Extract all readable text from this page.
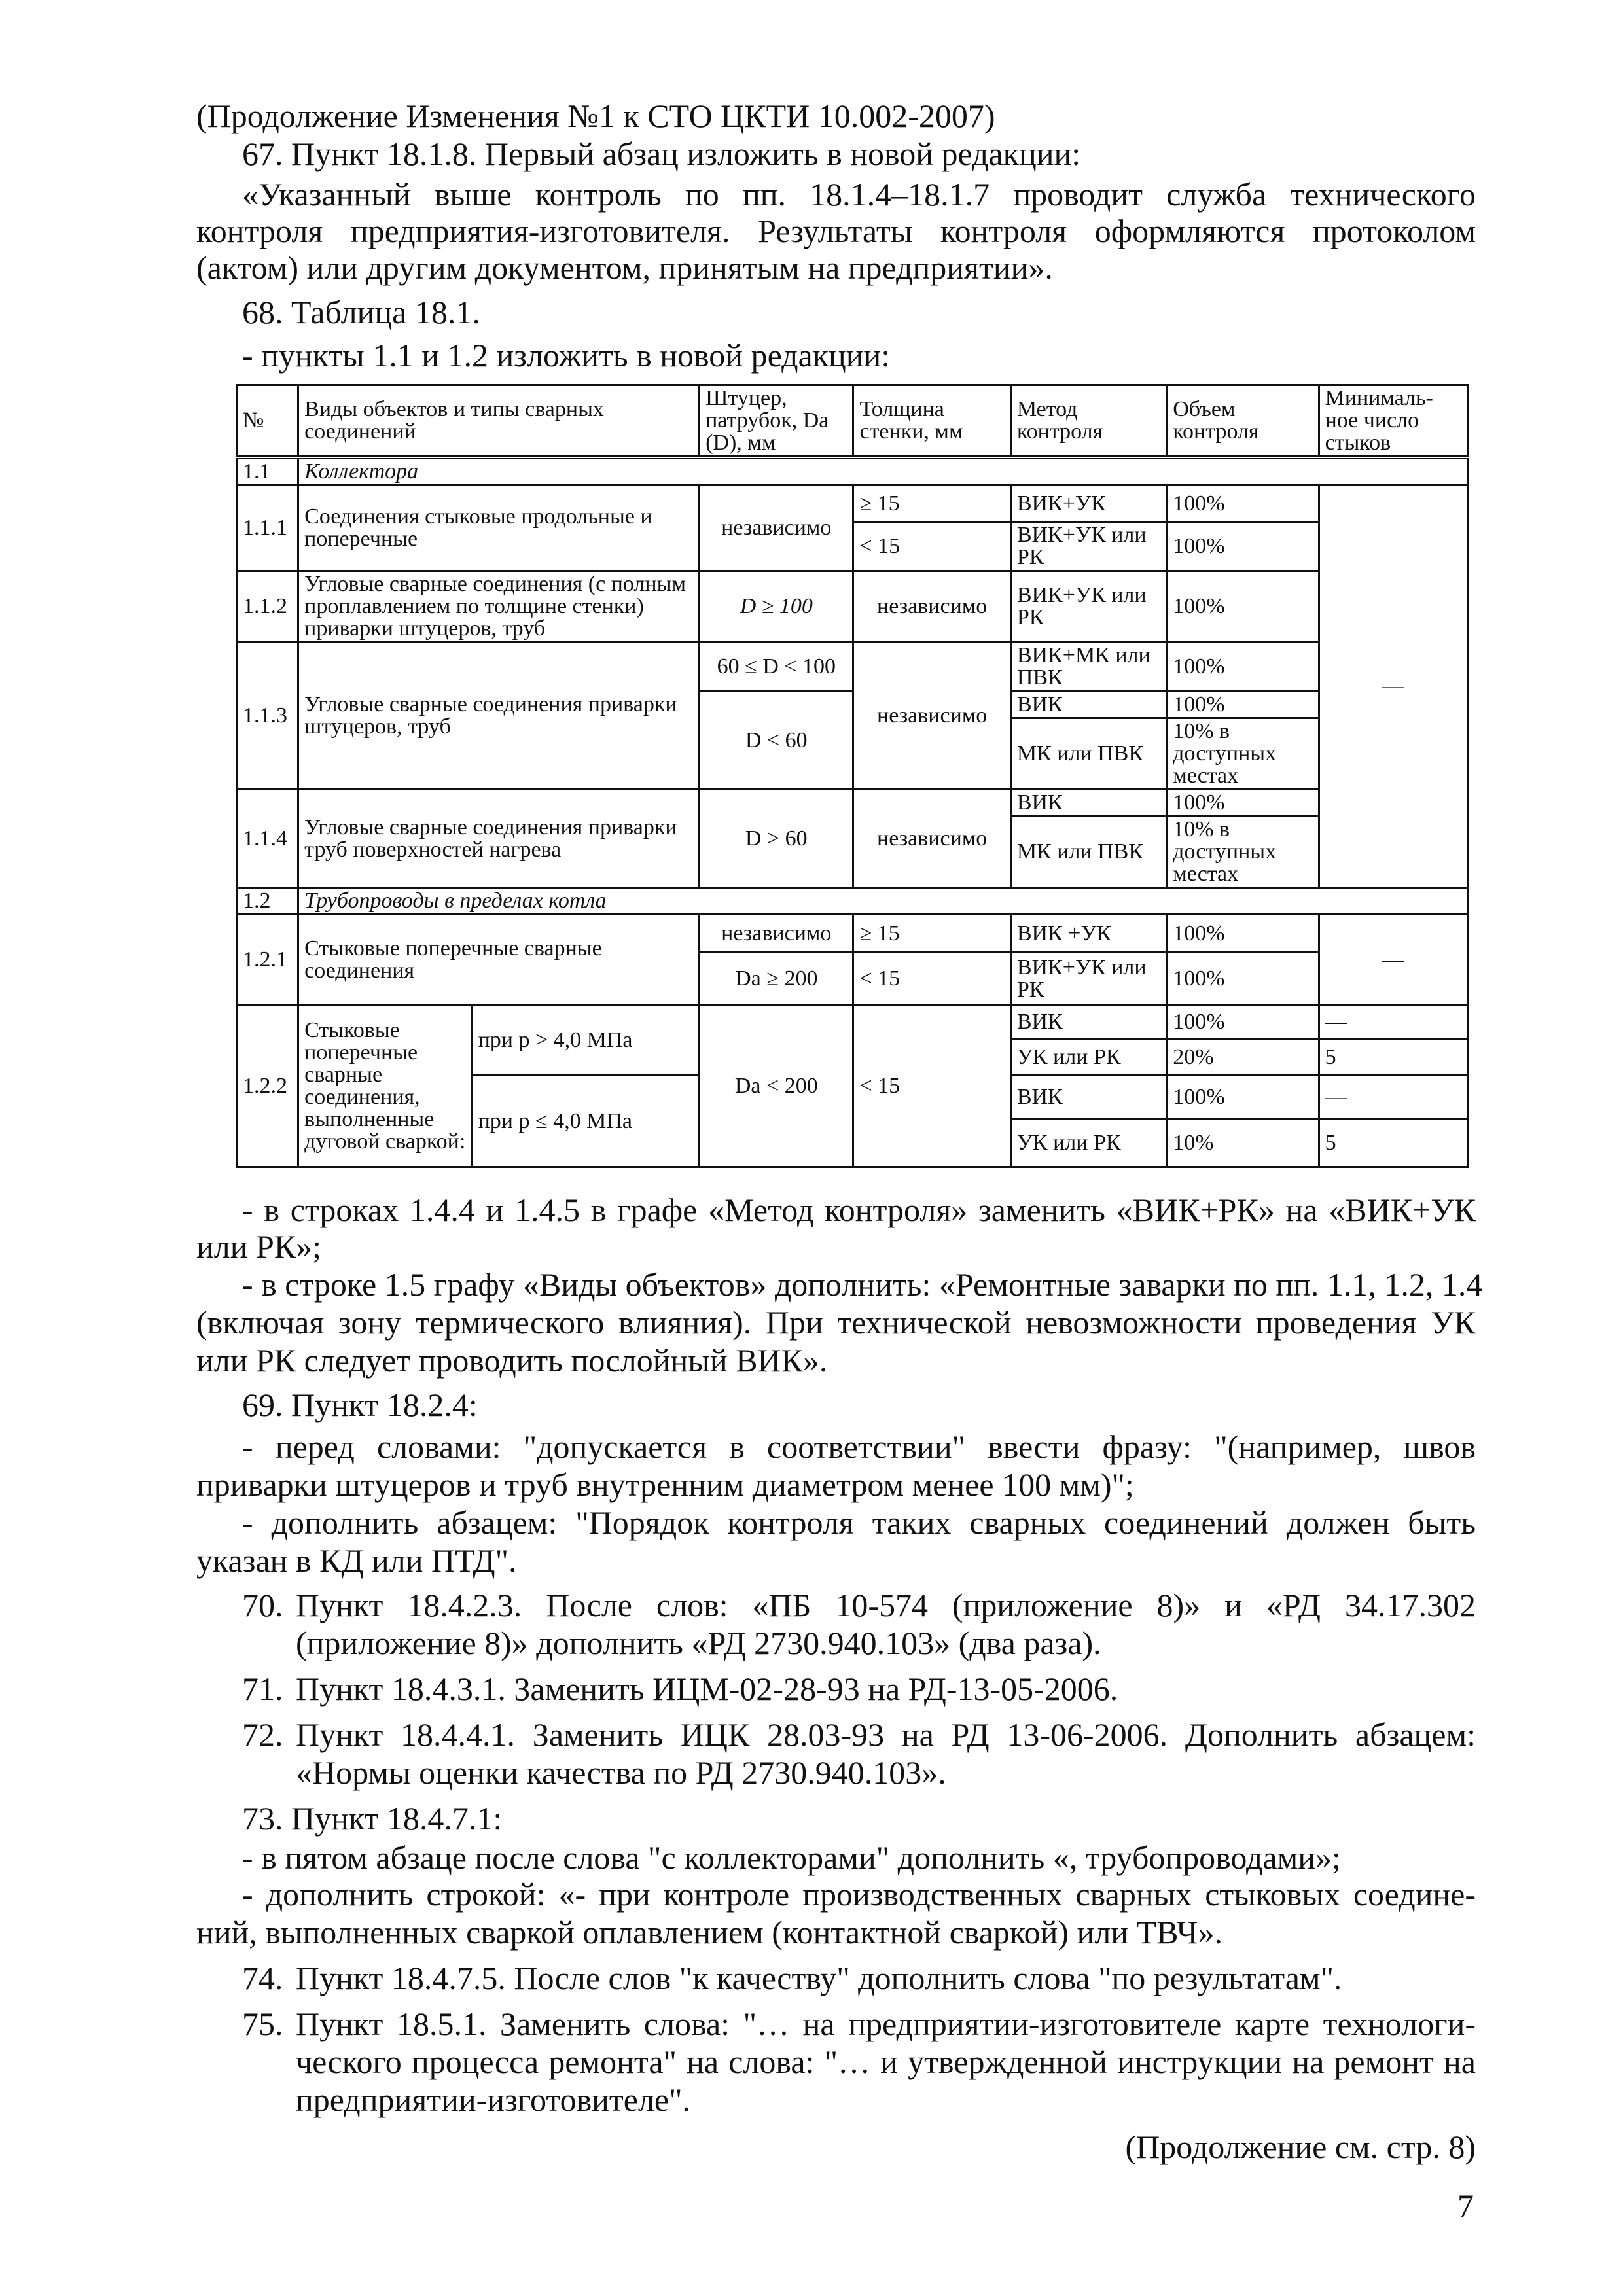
(Продолжение Изменения №1 к СТО ЦКТИ 10.002-2007)
67. Пункт 18.1.8. Первый абзац изложить в новой редакции:
«Указанный выше контроль по пп. 18.1.4–18.1.7 проводит служба технического
контроля предприятия-изготовителя. Результаты контроля оформляются протоколом
(актом) или другим документом, принятым на предприятии».
68. Таблица 18.1.
- пункты 1.1 и 1.2 изложить в новой редакции:
№	Виды объектов и типы сварных соединений		Штуцер, патрубок, Da (D), мм	Толщина стенки, мм	Метод контроля	Объем контроля	Минималь-ное число стыков
1.1	Коллектора						
1.1.1	Соединения стыковые продольные и поперечные		независимо	≥ 15	ВИК+УК	100%	—
				< 15	ВИК+УК или РК	100%	
1.1.2	Угловые сварные соединения (с полным проплавлением по толщине стенки) приварки штуцеров, труб		D ≥ 100	независимо	ВИК+УК или РК	100%	
1.1.3	Угловые сварные соединения приварки штуцеров, труб		60 ≤ D < 100	независимо	ВИК+МК или ПВК	100%	
			D < 60		ВИК	100%	
					МК или ПВК	10% в доступных местах	
1.1.4	Угловые сварные соединения приварки труб поверхностей нагрева		D > 60	независимо	ВИК	100%	
					МК или ПВК	10% в доступных местах	
1.2	Трубопроводы в пределах котла						
1.2.1	Стыковые поперечные сварные соединения		независимо	≥ 15	ВИК +УК	100%	—
			Da ≥ 200	< 15	ВИК+УК или РК	100%	
1.2.2	Стыковые поперечные сварные соединения, выполненные дуговой сваркой:	при p > 4,0 МПа	Da < 200	< 15	ВИК	100%	—
					УК или РК	20%	5
		при p ≤ 4,0 МПа			ВИК	100%	—
					УК или РК	10%	5
- в строках 1.4.4 и 1.4.5 в графе «Метод контроля» заменить «ВИК+РК» на «ВИК+УК
или РК»;
- в строке 1.5 графу «Виды объектов» дополнить: «Ремонтные заварки по пп. 1.1, 1.2, 1.4
(включая зону термического влияния). При технической невозможности проведения УК
или РК следует проводить послойный ВИК».
69. Пункт 18.2.4:
- перед словами: "допускается в соответствии" ввести фразу: "(например, швов
приварки штуцеров и труб внутренним диаметром менее 100 мм)";
- дополнить абзацем: "Порядок контроля таких сварных соединений должен быть
указан в КД или ПТД".
70. Пункт 18.4.2.3. После слов: «ПБ 10-574 (приложение 8)» и «РД 34.17.302
(приложение 8)» дополнить «РД 2730.940.103» (два раза).
71. Пункт 18.4.3.1. Заменить ИЦМ-02-28-93 на РД-13-05-2006.
72. Пункт 18.4.4.1. Заменить ИЦК 28.03-93 на РД 13-06-2006. Дополнить абзацем:
«Нормы оценки качества по РД 2730.940.103».
73. Пункт 18.4.7.1:
- в пятом абзаце после слова "с коллекторами" дополнить «, трубопроводами»;
- дополнить строкой: «- при контроле производственных сварных стыковых соедине-
ний, выполненных сваркой оплавлением (контактной сваркой) или ТВЧ».
74. Пункт 18.4.7.5. После слов "к качеству" дополнить слова "по результатам".
75. Пункт 18.5.1. Заменить слова: "… на предприятии-изготовителе карте технологи-
ческого процесса ремонта" на слова: "… и утвержденной инструкции на ремонт на
предприятии-изготовителе".
(Продолжение см. стр. 8)
7
